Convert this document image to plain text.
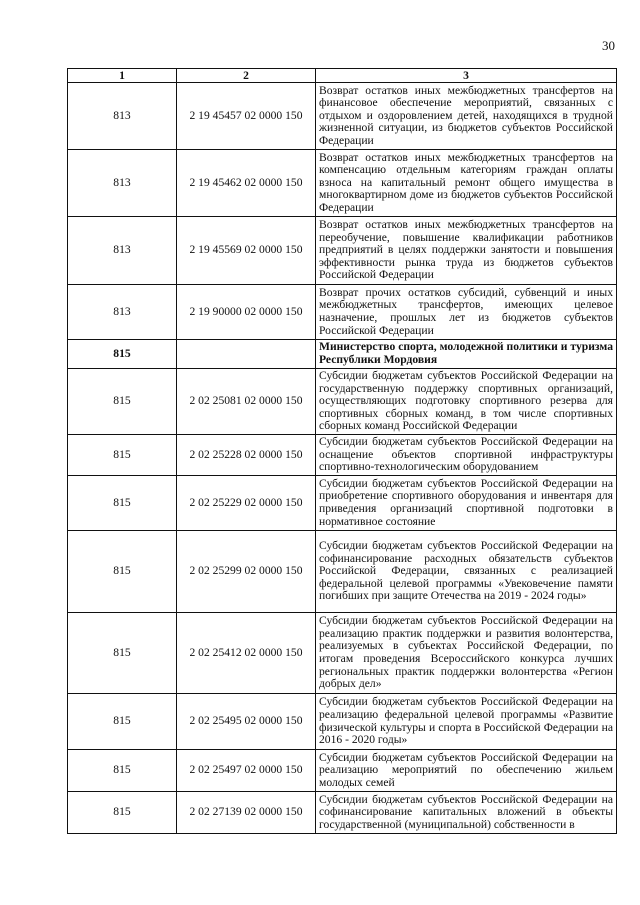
30
1	2	3
813	2 19 45457 02 0000 150	Возврат остатков иных межбюджетных трансфертов на финансовое обеспечение мероприятий, связанных с отдыхом и оздоровлением детей, находящихся в трудной жизненной ситуации, из бюджетов субъектов Российской Федерации
813	2 19 45462 02 0000 150	Возврат остатков иных межбюджетных трансфертов на компенсацию отдельным категориям граждан оплаты взноса на капитальный ремонт общего имущества в многоквартирном доме из бюджетов субъектов Российской Федерации
813	2 19 45569 02 0000 150	Возврат остатков иных межбюджетных трансфертов на переобучение, повышение квалификации работников предприятий в целях поддержки занятости и повышения эффективности рынка труда из бюджетов субъектов Российской Федерации
813	2 19 90000 02 0000 150	Возврат прочих остатков субсидий, субвенций и иных межбюджетных трансфертов, имеющих целевое назначение, прошлых лет из бюджетов субъектов Российской Федерации
815		Министерство спорта, молодежной политики и туризма Республики Мордовия
815	2 02 25081 02 0000 150	Субсидии бюджетам субъектов Российской Федерации на государственную поддержку спортивных организаций, осуществляющих подготовку спортивного резерва для спортивных сборных команд, в том числе спортивных сборных команд Российской Федерации
815	2 02 25228 02 0000 150	Субсидии бюджетам субъектов Российской Федерации на оснащение объектов спортивной инфраструктуры спортивно-технологическим оборудованием
815	2 02 25229 02 0000 150	Субсидии бюджетам субъектов Российской Федерации на приобретение спортивного оборудования и инвентаря для приведения организаций спортивной подготовки в нормативное состояние
815	2 02 25299 02 0000 150	Субсидии бюджетам субъектов Российской Федерации на софинансирование расходных обязательств субъектов Российской Федерации, связанных с реализацией федеральной целевой программы «Увековечение памяти погибших при защите Отечества на 2019 - 2024 годы»
815	2 02 25412 02 0000 150	Субсидии бюджетам субъектов Российской Федерации на реализацию практик поддержки и развития волонтерства, реализуемых в субъектах Российской Федерации, по итогам проведения Всероссийского конкурса лучших региональных практик поддержки волонтерства «Регион добрых дел»
815	2 02 25495 02 0000 150	Субсидии бюджетам субъектов Российской Федерации на реализацию федеральной целевой программы «Развитие физической культуры и спорта в Российской Федерации на 2016 - 2020 годы»
815	2 02 25497 02 0000 150	Субсидии бюджетам субъектов Российской Федерации на реализацию мероприятий по обеспечению жильем молодых семей
815	2 02 27139 02 0000 150	Субсидии бюджетам субъектов Российской Федерации на софинансирование капитальных вложений в объекты государственной (муниципальной) собственности в
